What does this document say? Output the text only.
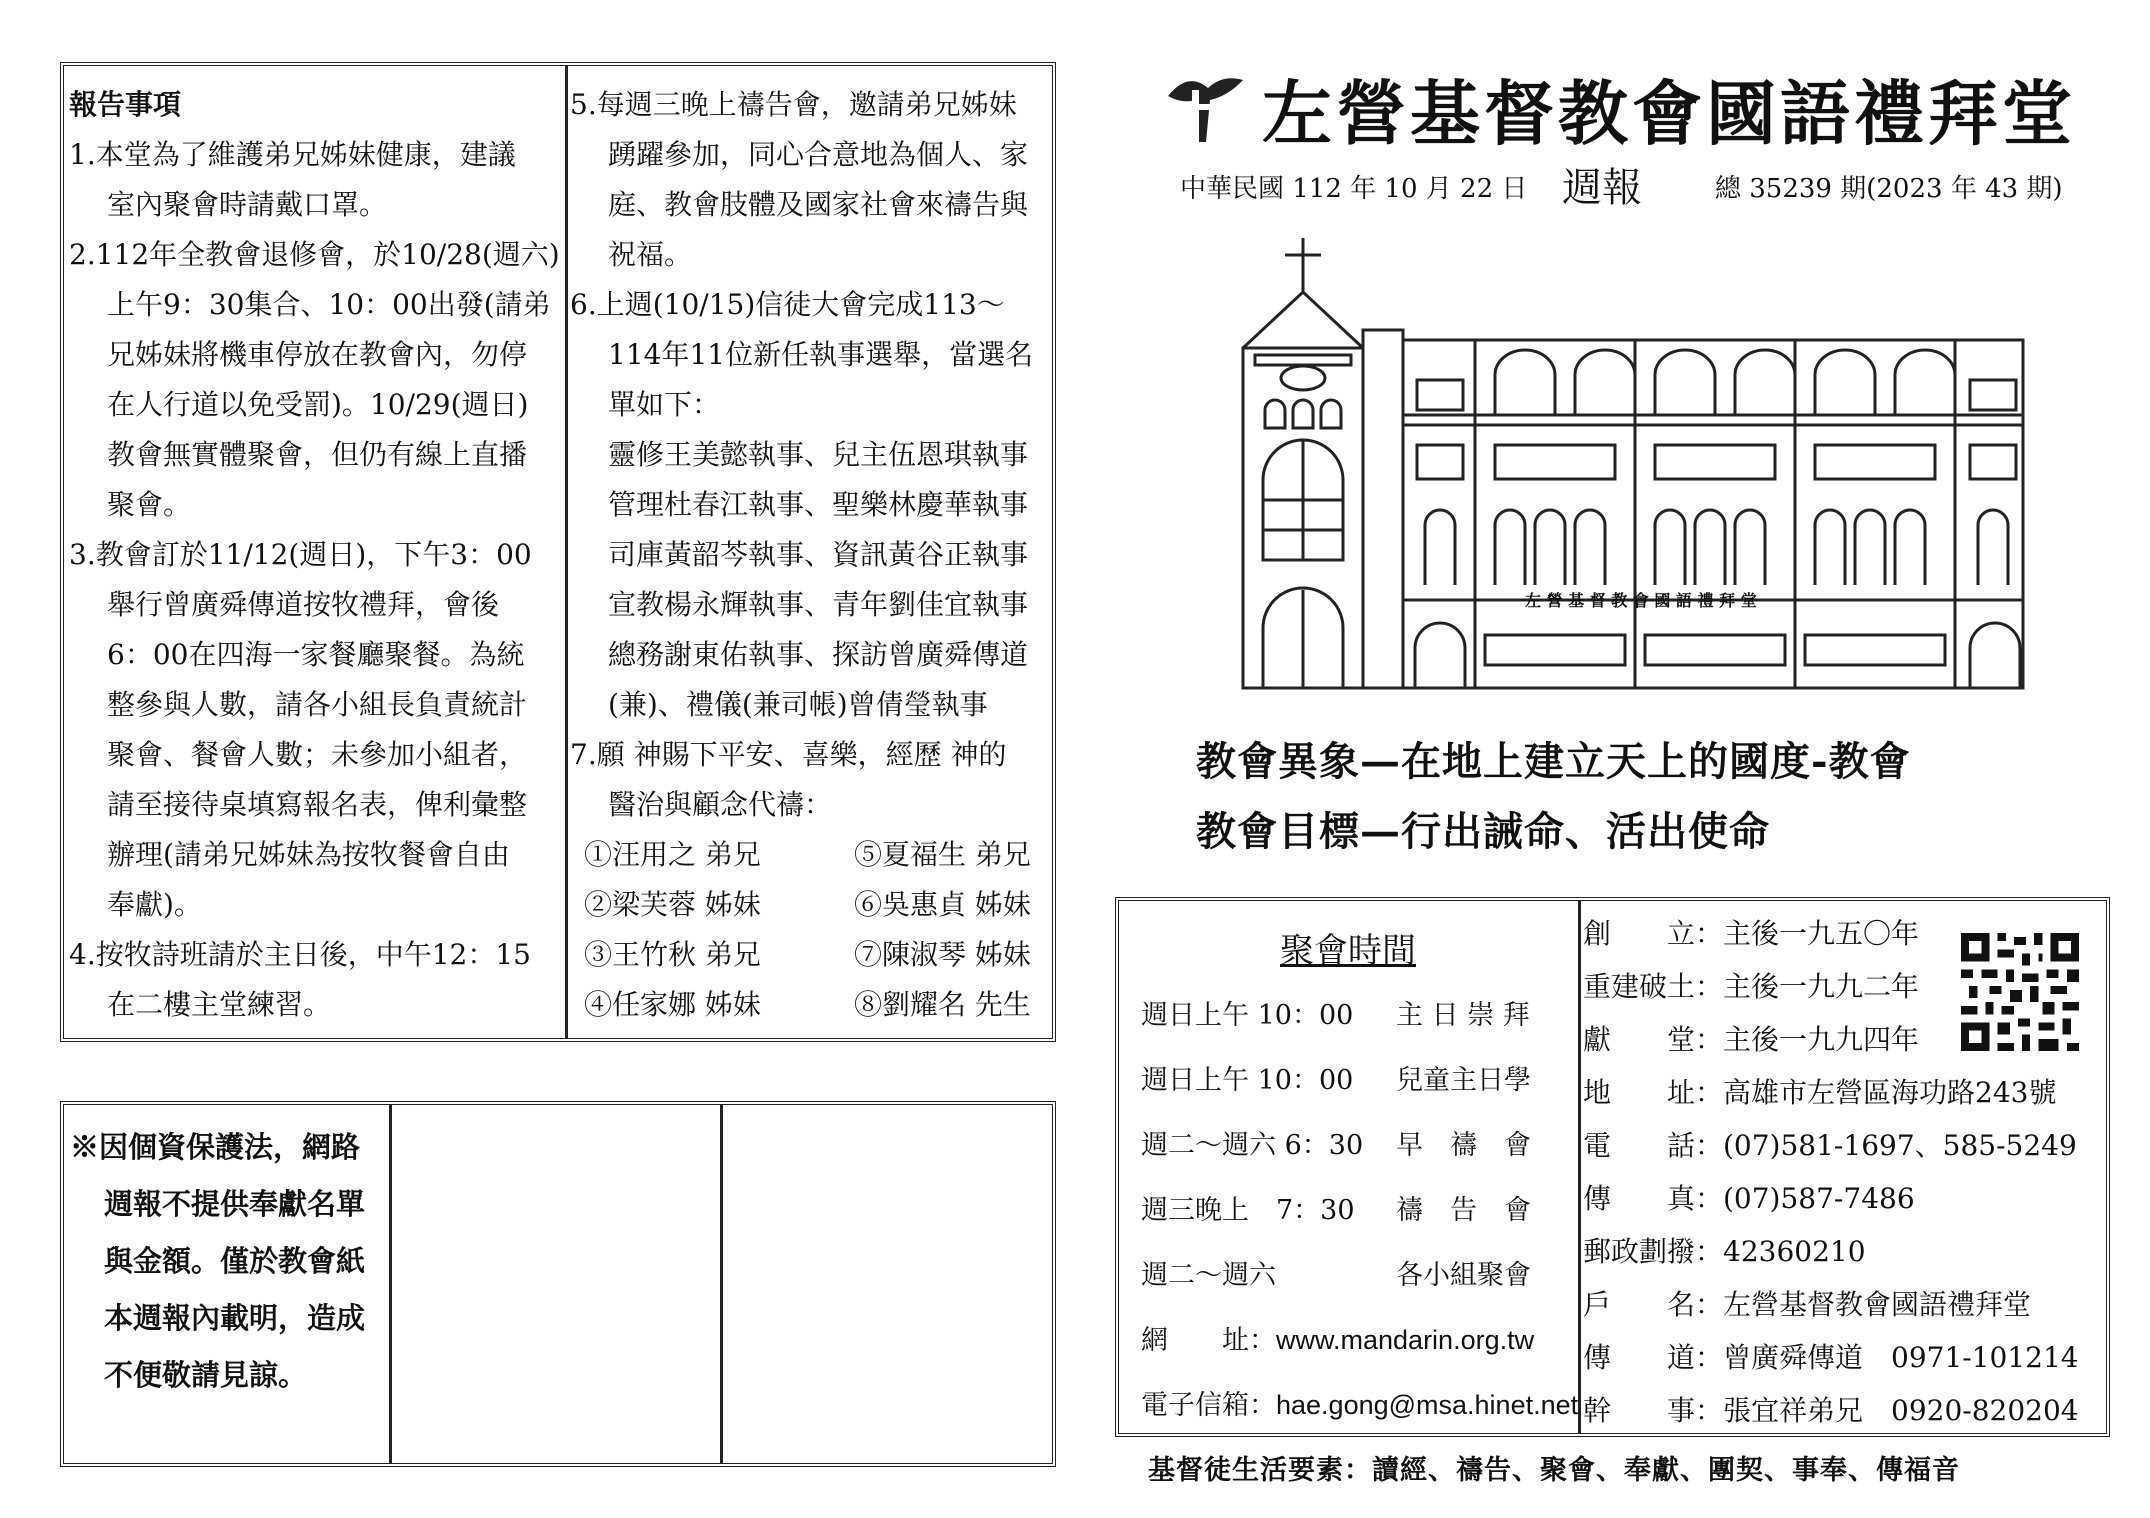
報告事項
1.本堂為了維護弟兄姊妹健康，建議
室內聚會時請戴口罩。
2.112年全教會退修會，於10/28(週六)
上午9：30集合、10：00出發(請弟
兄姊妹將機車停放在教會內，勿停
在人行道以免受罰)。10/29(週日)
教會無實體聚會，但仍有線上直播
聚會。
3.教會訂於11/12(週日)，下午3：00
舉行曾廣舜傳道按牧禮拜，會後
6：00在四海一家餐廳聚餐。為統
整參與人數，請各小組長負責統計
聚會、餐會人數；未參加小組者，
請至接待桌填寫報名表，俾利彙整
辦理(請弟兄姊妹為按牧餐會自由
奉獻)。
4.按牧詩班請於主日後，中午12：15
在二樓主堂練習。
5.每週三晚上禱告會，邀請弟兄姊妹
踴躍參加，同心合意地為個人、家
庭、教會肢體及國家社會來禱告與
祝福。
6.上週(10/15)信徒大會完成113～
114年11位新任執事選舉，當選名
單如下：
靈修王美懿執事、兒主伍恩琪執事
管理杜春江執事、聖樂林慶華執事
司庫黃韶芩執事、資訊黃谷正執事
宣教楊永輝執事、青年劉佳宜執事
總務謝東佑執事、探訪曾廣舜傳道
(兼)、禮儀(兼司帳)曾倩瑩執事
7.願 神賜下平安、喜樂，經歷 神的
醫治與顧念代禱：
①汪用之 弟兄	⑤夏福生 弟兄
②梁芙蓉 姊妹	⑥吳惠貞 姊妹
③王竹秋 弟兄	⑦陳淑琴 姊妹
④任家娜 姊妹	⑧劉耀名 先生
※因個資保護法，網路
週報不提供奉獻名單
與金額。僅於教會紙
本週報內載明，造成
不便敬請見諒。
左營基督教會國語禮拜堂
中華民國 112 年 10 月 22 日 週報	總 35239 期(2023 年 43 期)
左 營 基 督 教 會 國 語 禮 拜 堂
教會異象—在地上建立天上的國度-教會
教會目標—行出誡命、活出使命
聚會時間
週日上午 10：00	主 日 崇 拜
週日上午 10：00	兒童主日學
週二～週六 6：30	早　禱　會
週三晚上　7：30	禱　告　會
週二～週六	各小組聚會
網　　址：www.mandarin.org.tw
電子信箱：hae.gong@msa.hinet.net
創　　立：主後一九五〇年
重建破土：主後一九九二年
獻　　堂：主後一九九四年
地　　址：高雄市左營區海功路243號
電　　話：(07)581-1697、585-5249
傳　　真：(07)587-7486
郵政劃撥：42360210
戶　　名：左營基督教會國語禮拜堂
傳　　道：曾廣舜傳道　0971-101214
幹　　事：張宜祥弟兄　0920-820204
基督徒生活要素：讀經、禱告、聚會、奉獻、團契、事奉、傳福音
